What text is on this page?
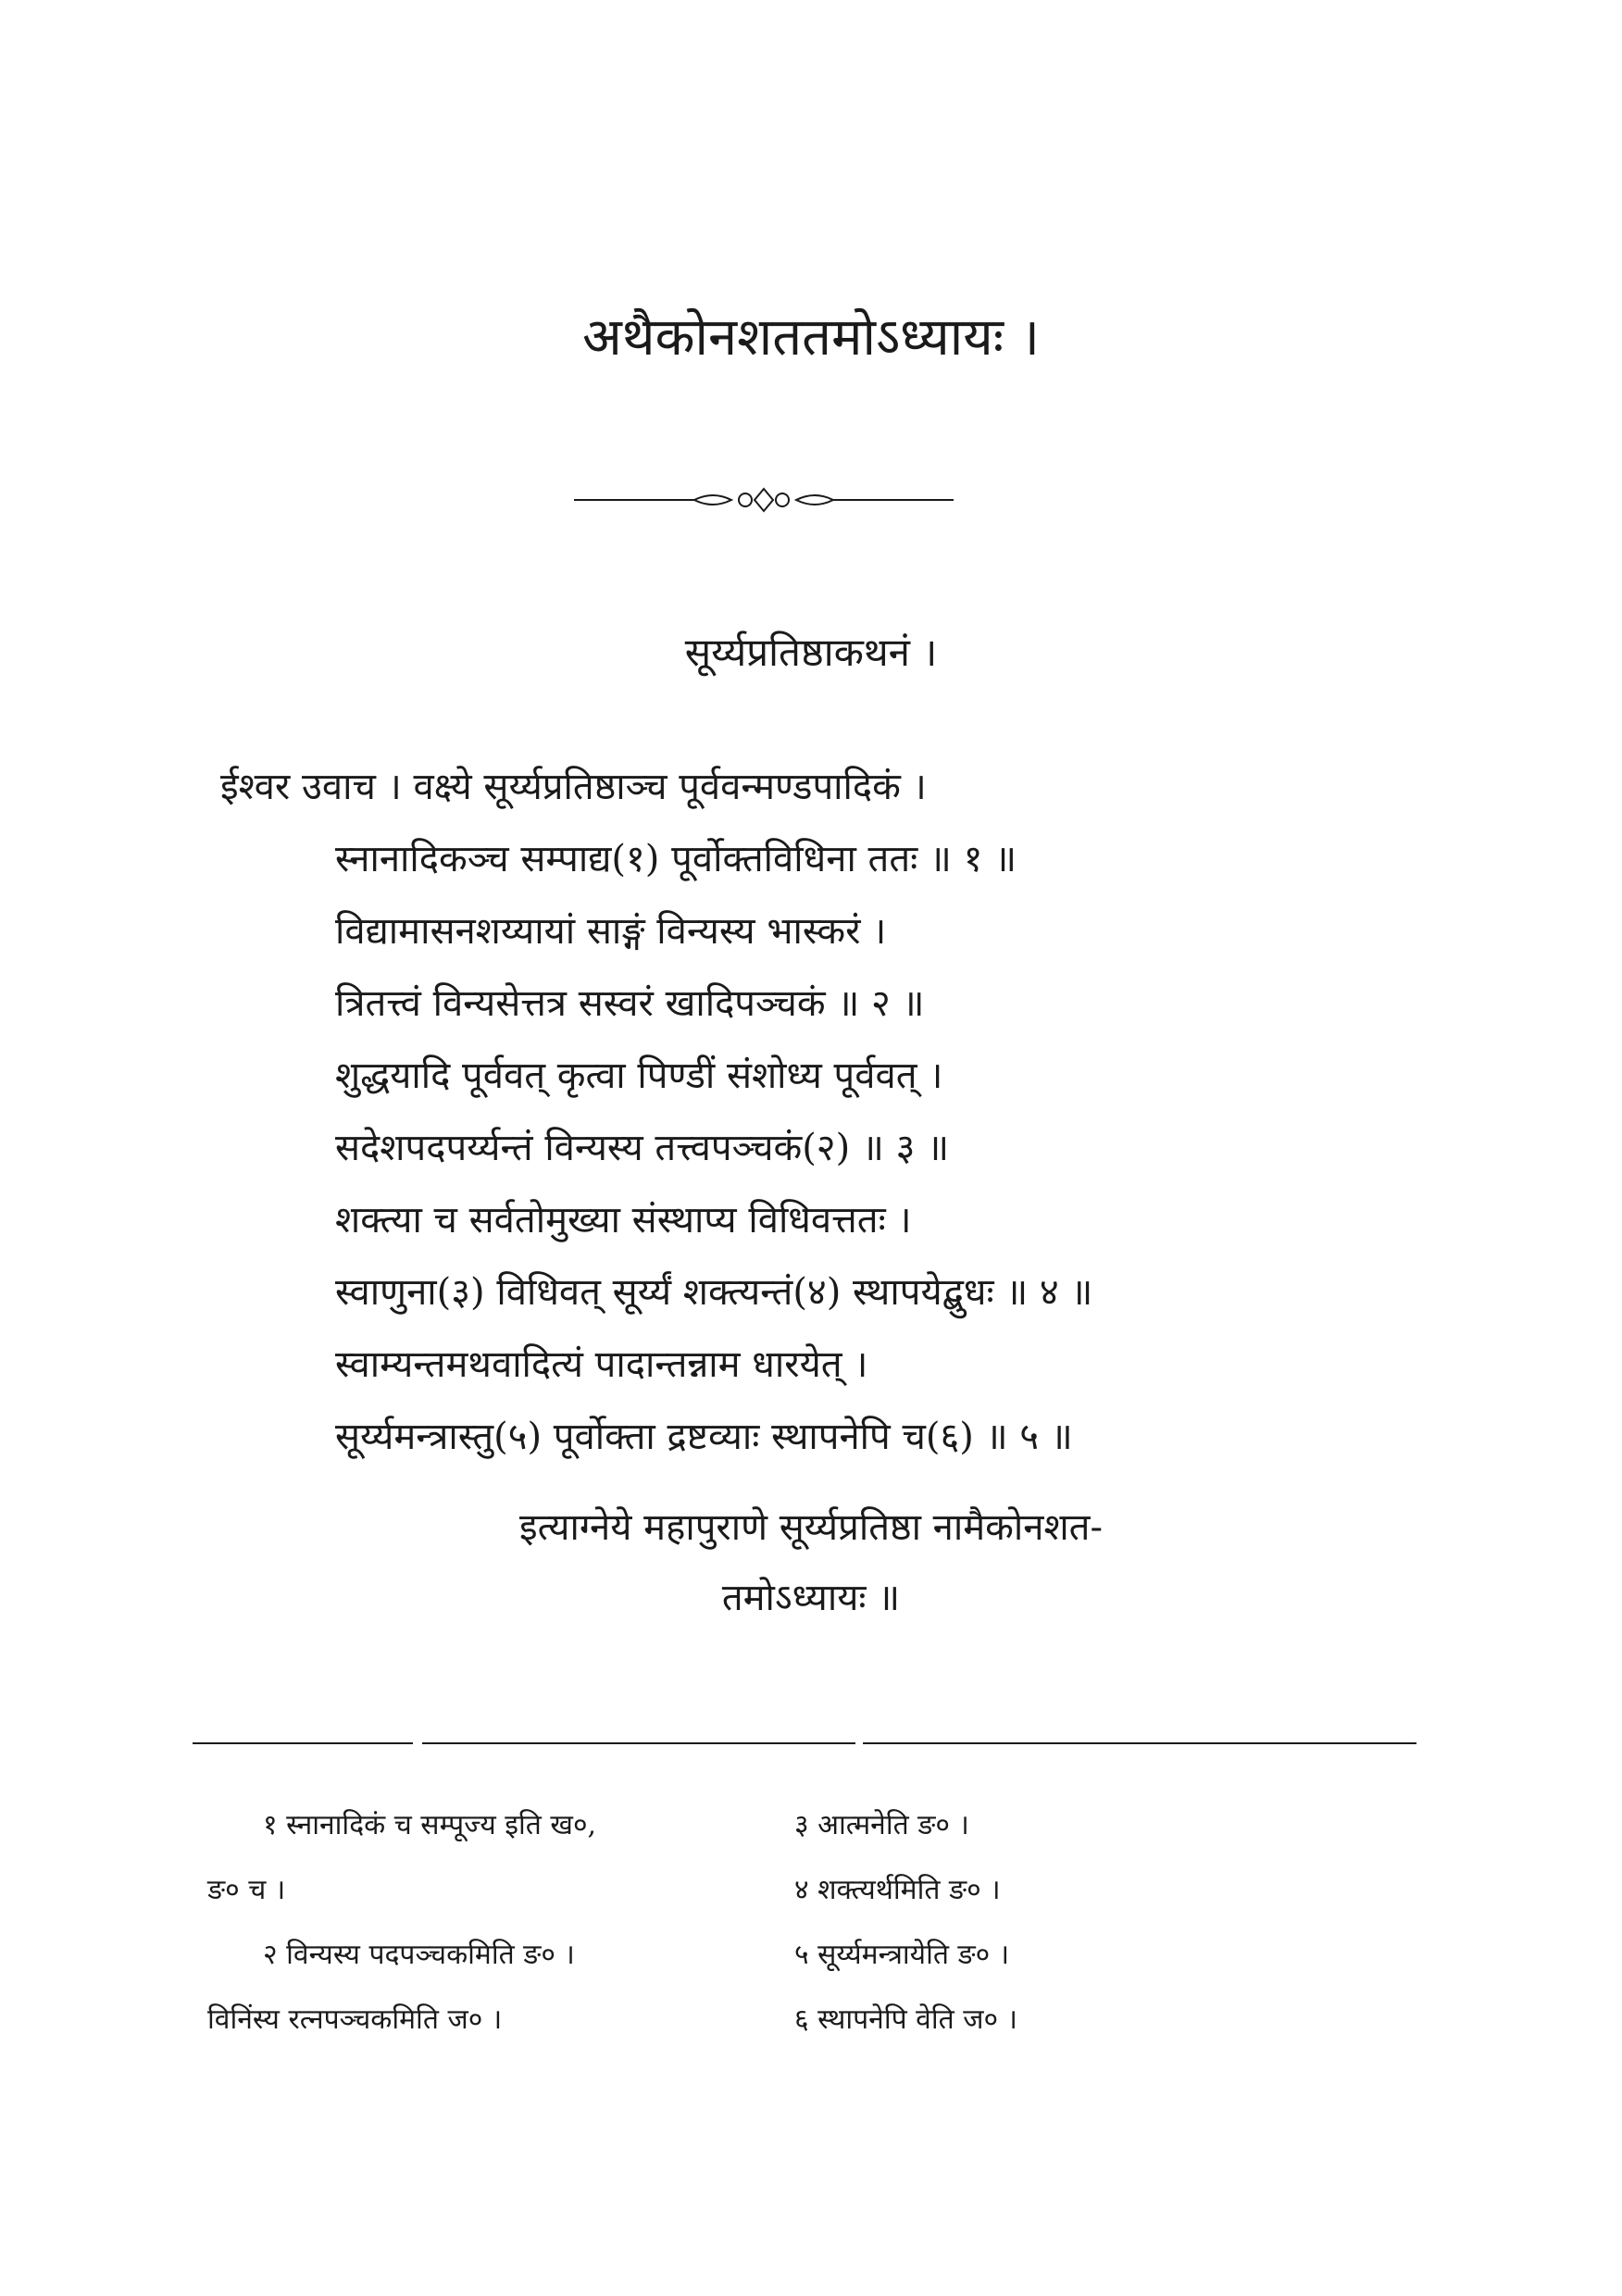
अथैकोनशततमोऽध्यायः ।
सूर्य्यप्रतिष्ठाकथनं ।
ईश्वर उवाच । वक्ष्ये सूर्य्यप्रतिष्ठाञ्च पूर्ववन्मण्डपादिकं ।
स्नानादिकञ्च सम्पाद्य(१) पूर्वोक्तविधिना ततः ॥ १ ॥
विद्यामासनशय्यायां साङ्गं विन्यस्य भास्करं ।
त्रितत्त्वं विन्यसेत्तत्र सस्वरं खादिपञ्चकं ॥ २ ॥
शुद्धयादि पूर्ववत् कृत्वा पिण्डीं संशोध्य पूर्ववत् ।
सदेशपदपर्य्यन्तं विन्यस्य तत्त्वपञ्चकं(२) ॥ ३ ॥
शक्त्या च सर्वतोमुख्या संस्थाप्य विधिवत्ततः ।
स्वाणुना(३) विधिवत् सूर्य्यं शक्त्यन्तं(४) स्थापयेद्बुधः ॥ ४ ॥
स्वाम्यन्तमथवादित्यं पादान्तन्नाम धारयेत् ।
सूर्य्यमन्त्रास्तु(५) पूर्वोक्ता द्रष्टव्याः स्थापनेपि च(६) ॥ ५ ॥
इत्याग्नेये महापुराणे सूर्य्यप्रतिष्ठा नामैकोनशत-
तमोऽध्यायः ॥
१ स्नानादिकं च सम्पूज्य इति ख०,
ङ० च ।
२ विन्यस्य पदपञ्चकमिति ङ० ।
विनिंस्य रत्नपञ्चकमिति ज० ।
३ आत्मनेति ङ० ।
४ शक्त्यर्थमिति ङ० ।
५ सूर्य्यमन्त्रायेति ङ० ।
६ स्थापनेपि वेति ज० ।
